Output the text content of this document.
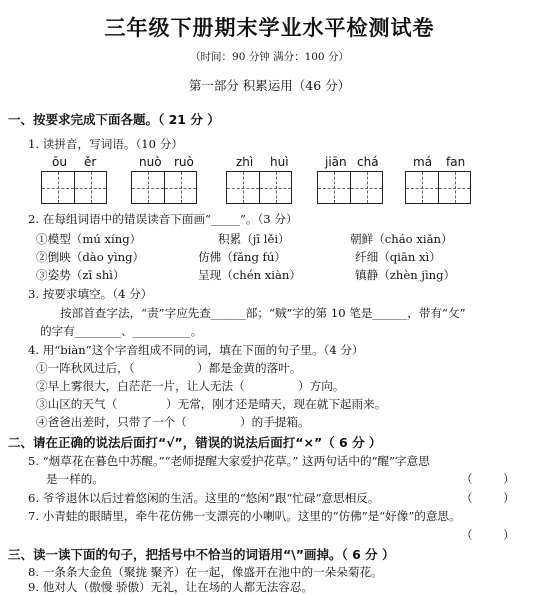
三年级下册期末学业水平检测试卷
（时间：90 分钟 满分：100 分）
第一部分 积累运用（46 分）
一、按要求完成下面各题。（ 21 分 ）
1. 读拼音，写词语。（10 分）
ōu ěr	nuò ruò	zhì huì	jiān chá	má fan
2. 在每组词语中的错误读音下面画“_____”。（3 分）
①模型（mú xíng）	积累（jī lěi）	朝鲜（cháo xiǎn）
②倒映（dào yìng）	仿佛（fǎng fú）	纤细（qiān xì）
③姿势（zī shì）	呈现（chén xiàn）	镇静（zhèn jìng）
3. 按要求填空。（4 分）
按部首查字法，“责”字应先查______部；“贼”字的第 10 笔是______，带有“攵”
的字有________、__________。
4. 用“biàn”这个字音组成不同的词，填在下面的句子里。（4 分）
①一阵秋风过后，（	）都是金黄的落叶。
②早上雾很大，白茫茫一片，让人无法（	）方向。
③山区的天气（	）无常，刚才还是晴天，现在就下起雨来。
④爸爸出差时，只带了一个（	）的手提箱。
二、请在正确的说法后面打“√”，错误的说法后面打“×”（ 6 分 ）
5. “烟草花在暮色中苏醒。”“老师提醒大家爱护花草。” 这两句话中的“醒”字意思
是一样的。	（	）
6. 爷爷退休以后过着悠闲的生活。这里的“悠闲”跟“忙碌”意思相反。	（	）
7. 小青蛙的眼睛里，牵牛花仿佛一支漂亮的小喇叭。这里的“仿佛”是“好像”的意思。
（	）
三、读一读下面的句子，把括号中不恰当的词语用“\”画掉。（ 6 分 ）
8. 一条条大金鱼（聚拢 聚齐）在一起，像盛开在池中的一朵朵菊花。
9. 他对人（傲慢 骄傲）无礼，让在场的人都无法容忍。
